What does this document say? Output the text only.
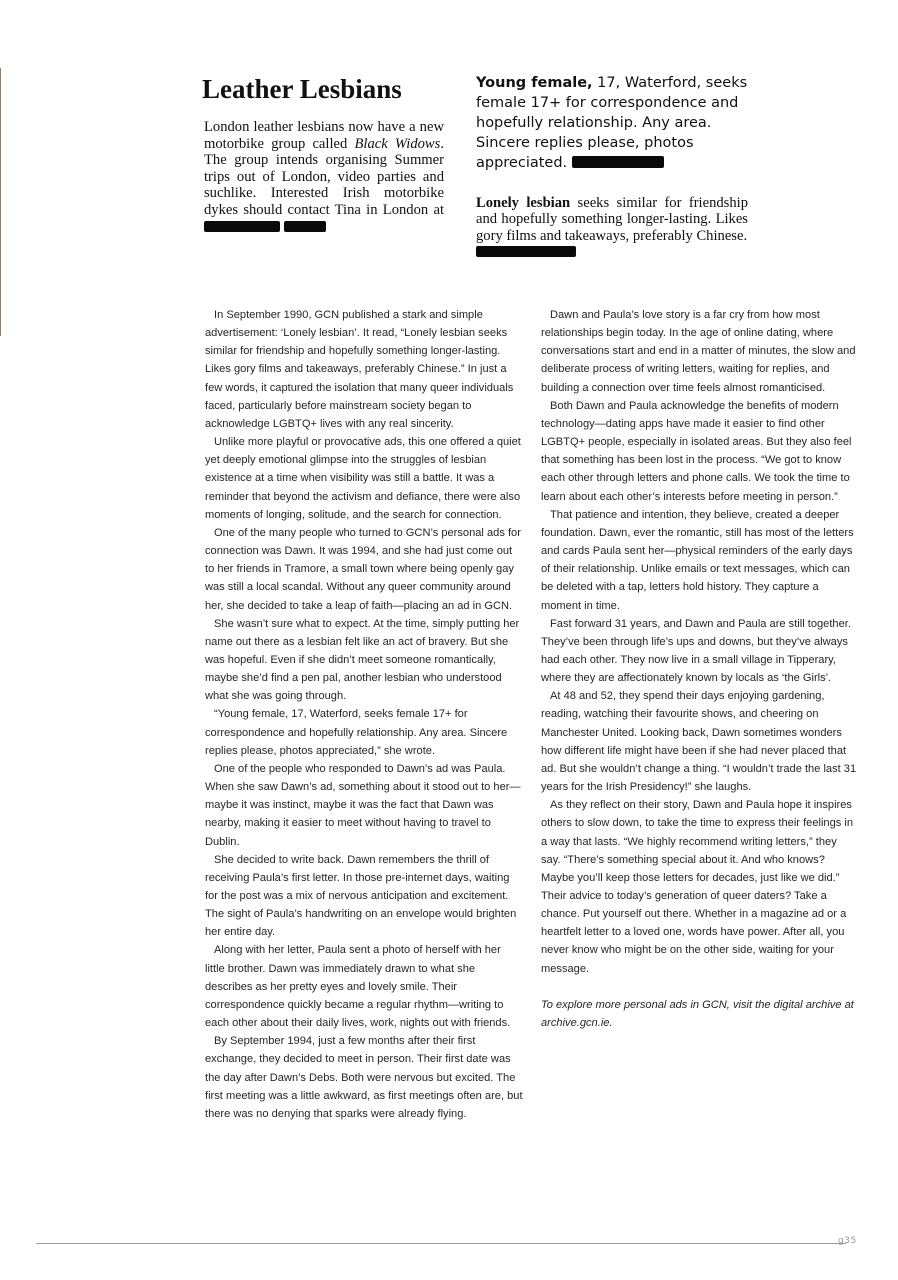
Leather Lesbians
London leather lesbians now have a new motorbike group called Black Widows. The group intends organising Summer trips out of London, video parties and suchlike. Interested Irish motorbike dykes should contact Tina in London at

Young female, 17, Waterford, seeks female 17+ for correspondence and hopefully relationship. Any area. Sincere replies please, photos appreciated.

Lonely lesbian seeks similar for friendship and hopefully something longer-lasting. Likes gory films and takeaways, preferably Chinese.

In September 1990, GCN published a stark and simple advertisement: ‘Lonely lesbian’. It read, “Lonely lesbian seeks similar for friendship and hopefully something longer-lasting. Likes gory films and takeaways, preferably Chinese.” In just a few words, it captured the isolation that many queer individuals faced, particularly before mainstream society began to acknowledge LGBTQ+ lives with any real sincerity.

Unlike more playful or provocative ads, this one offered a quiet yet deeply emotional glimpse into the struggles of lesbian existence at a time when visibility was still a battle. It was a reminder that beyond the activism and defiance, there were also moments of longing, solitude, and the search for connection.

One of the many people who turned to GCN’s personal ads for connection was Dawn. It was 1994, and she had just come out to her friends in Tramore, a small town where being openly gay was still a local scandal. Without any queer community around her, she decided to take a leap of faith—placing an ad in GCN.

She wasn’t sure what to expect. At the time, simply putting her name out there as a lesbian felt like an act of bravery. But she was hopeful. Even if she didn’t meet someone romantically, maybe she’d find a pen pal, another lesbian who understood what she was going through.

“Young female, 17, Waterford, seeks female 17+ for correspondence and hopefully relationship. Any area. Sincere replies please, photos appreciated,” she wrote.

One of the people who responded to Dawn’s ad was Paula. When she saw Dawn’s ad, something about it stood out to her—maybe it was instinct, maybe it was the fact that Dawn was nearby, making it easier to meet without having to travel to Dublin.

She decided to write back. Dawn remembers the thrill of receiving Paula’s first letter. In those pre-internet days, waiting for the post was a mix of nervous anticipation and excitement. The sight of Paula’s handwriting on an envelope would brighten her entire day.

Along with her letter, Paula sent a photo of herself with her little brother. Dawn was immediately drawn to what she describes as her pretty eyes and lovely smile. Their correspondence quickly became a regular rhythm—writing to each other about their daily lives, work, nights out with friends.

By September 1994, just a few months after their first exchange, they decided to meet in person. Their first date was the day after Dawn’s Debs. Both were nervous but excited. The first meeting was a little awkward, as first meetings often are, but there was no denying that sparks were already flying.

Dawn and Paula’s love story is a far cry from how most relationships begin today. In the age of online dating, where conversations start and end in a matter of minutes, the slow and deliberate process of writing letters, waiting for replies, and building a connection over time feels almost romanticised.

Both Dawn and Paula acknowledge the benefits of modern technology—dating apps have made it easier to find other LGBTQ+ people, especially in isolated areas. But they also feel that something has been lost in the process. “We got to know each other through letters and phone calls. We took the time to learn about each other’s interests before meeting in person.”

That patience and intention, they believe, created a deeper foundation. Dawn, ever the romantic, still has most of the letters and cards Paula sent her—physical reminders of the early days of their relationship. Unlike emails or text messages, which can be deleted with a tap, letters hold history. They capture a moment in time.

Fast forward 31 years, and Dawn and Paula are still together. They’ve been through life’s ups and downs, but they’ve always had each other. They now live in a small village in Tipperary, where they are affectionately known by locals as ‘the Girls’.

At 48 and 52, they spend their days enjoying gardening, reading, watching their favourite shows, and cheering on Manchester United. Looking back, Dawn sometimes wonders how different life might have been if she had never placed that ad. But she wouldn’t change a thing. “I wouldn’t trade the last 31 years for the Irish Presidency!” she laughs.

As they reflect on their story, Dawn and Paula hope it inspires others to slow down, to take the time to express their feelings in a way that lasts. “We highly recommend writing letters,” they say. “There’s something special about it. And who knows? Maybe you’ll keep those letters for decades, just like we did.” Their advice to today’s generation of queer daters? Take a chance. Put yourself out there. Whether in a magazine ad or a heartfelt letter to a loved one, words have power. After all, you never know who might be on the other side, waiting for your message.

To explore more personal ads in GCN, visit the digital archive at archive.gcn.ie.

g35
